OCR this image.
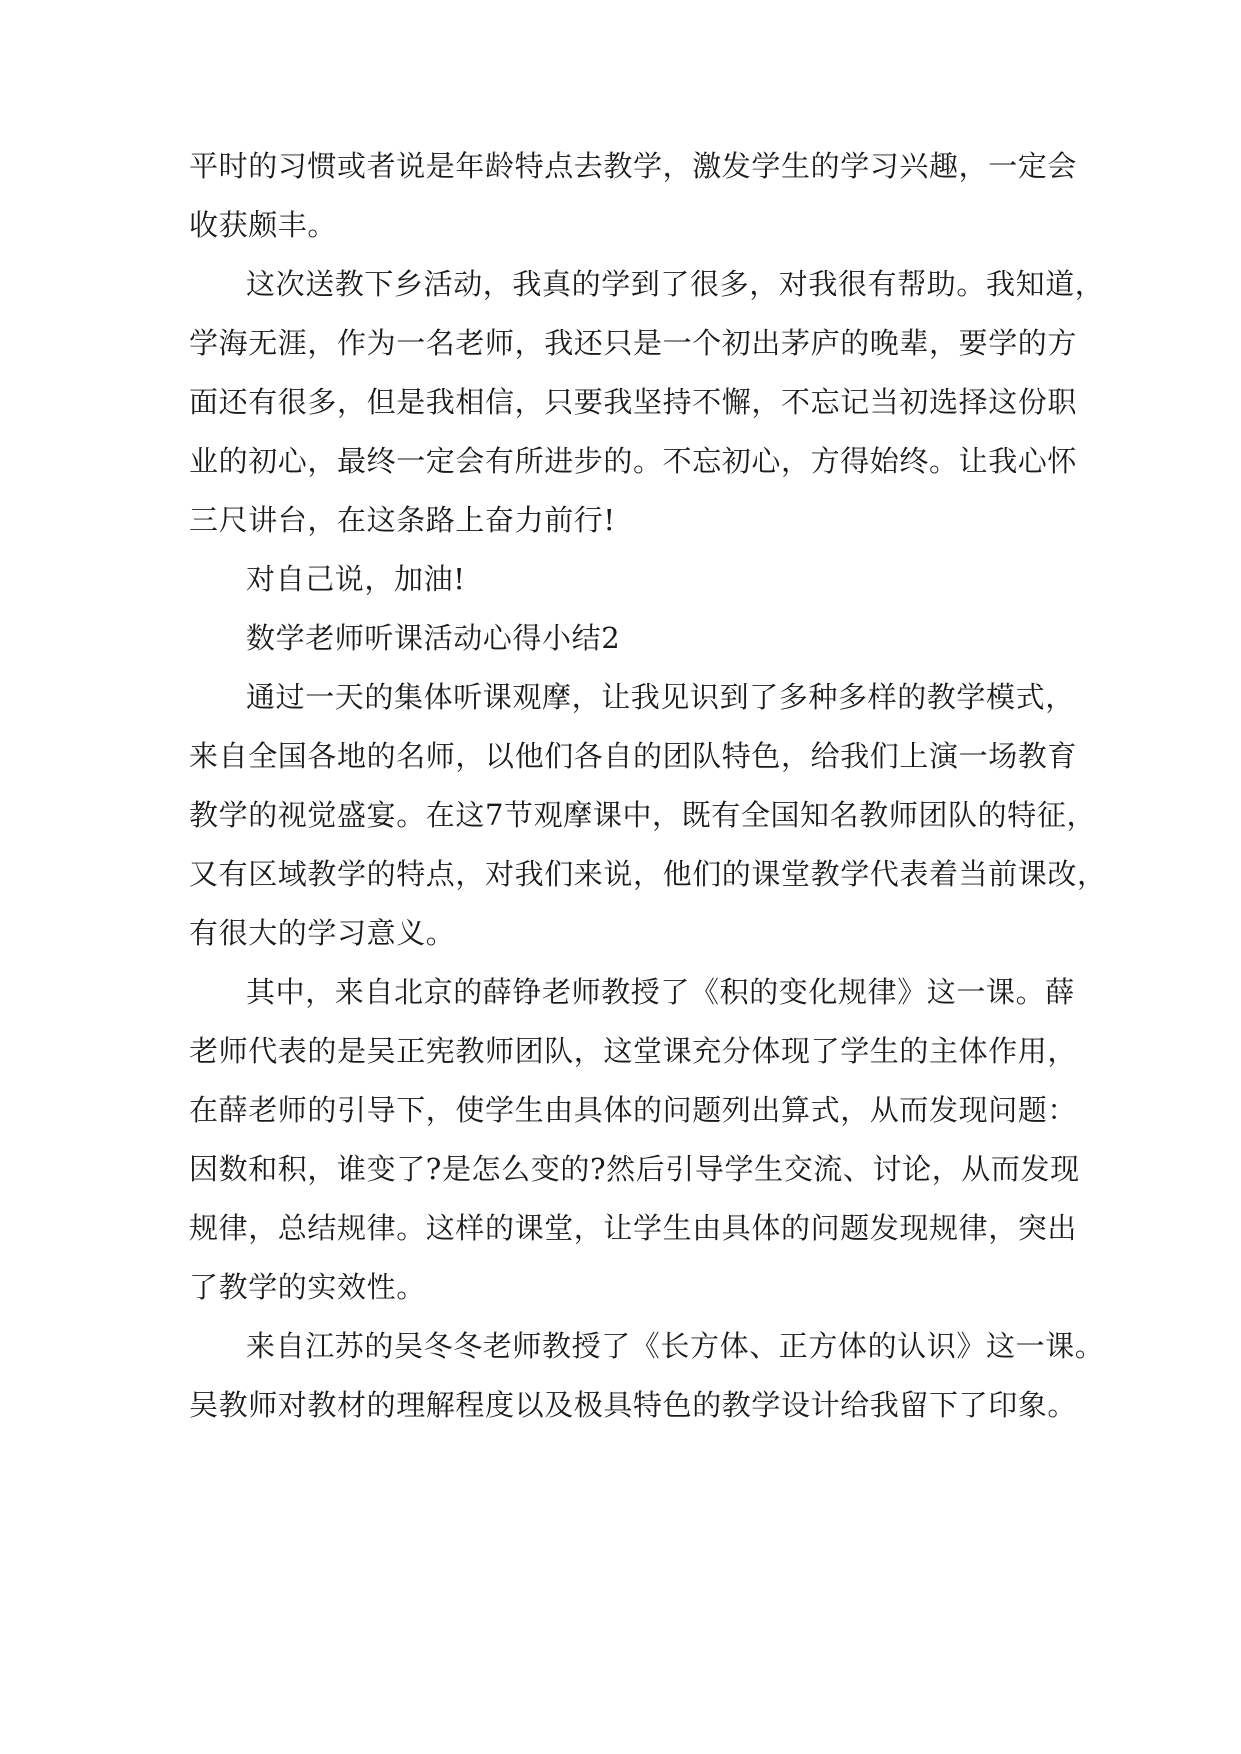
平时的习惯或者说是年龄特点去教学，激发学生的学习兴趣，一定会
收获颇丰。
这次送教下乡活动，我真的学到了很多，对我很有帮助。我知道，
学海无涯，作为一名老师，我还只是一个初出茅庐的晚辈，要学的方
面还有很多，但是我相信，只要我坚持不懈，不忘记当初选择这份职
业的初心，最终一定会有所进步的。不忘初心，方得始终。让我心怀
三尺讲台，在这条路上奋力前行!
对自己说，加油!
数学老师听课活动心得小结2
通过一天的集体听课观摩，让我见识到了多种多样的教学模式，
来自全国各地的名师，以他们各自的团队特色，给我们上演一场教育
教学的视觉盛宴。在这7节观摩课中，既有全国知名教师团队的特征，
又有区域教学的特点，对我们来说，他们的课堂教学代表着当前课改，
有很大的学习意义。
其中，来自北京的薛铮老师教授了《积的变化规律》这一课。薛
老师代表的是吴正宪教师团队，这堂课充分体现了学生的主体作用，
在薛老师的引导下，使学生由具体的问题列出算式，从而发现问题：
因数和积，谁变了?是怎么变的?然后引导学生交流、讨论，从而发现
规律，总结规律。这样的课堂，让学生由具体的问题发现规律，突出
了教学的实效性。
来自江苏的吴冬冬老师教授了《长方体、正方体的认识》这一课。
吴教师对教材的理解程度以及极具特色的教学设计给我留下了印象。
